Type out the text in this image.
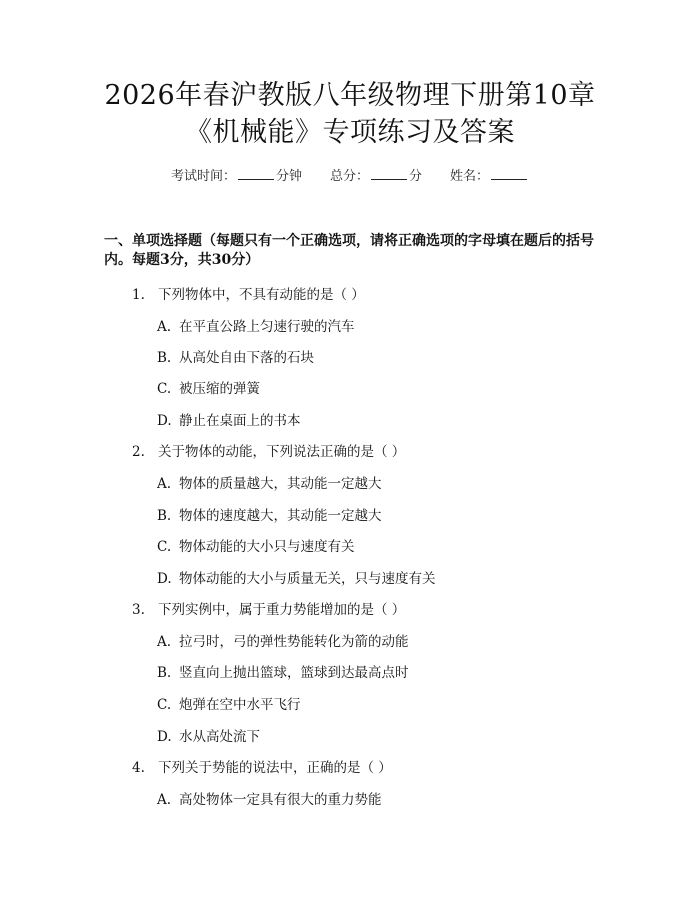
2026年春沪教版八年级物理下册第10章
《机械能》专项练习及答案
考试时间：	分钟 总分：	分 姓名：
一、单项选择题（每题只有一个正确选项，请将正确选项的字母填在题后的括号
内。每题3分，共30分）
1. 下列物体中，不具有动能的是（ ）
A. 在平直公路上匀速行驶的汽车
B. 从高处自由下落的石块
C. 被压缩的弹簧
D. 静止在桌面上的书本
2. 关于物体的动能，下列说法正确的是（ ）
A. 物体的质量越大，其动能一定越大
B. 物体的速度越大，其动能一定越大
C. 物体动能的大小只与速度有关
D. 物体动能的大小与质量无关，只与速度有关
3. 下列实例中，属于重力势能增加的是（ ）
A. 拉弓时，弓的弹性势能转化为箭的动能
B. 竖直向上抛出篮球，篮球到达最高点时
C. 炮弹在空中水平飞行
D. 水从高处流下
4. 下列关于势能的说法中，正确的是（ ）
A. 高处物体一定具有很大的重力势能
